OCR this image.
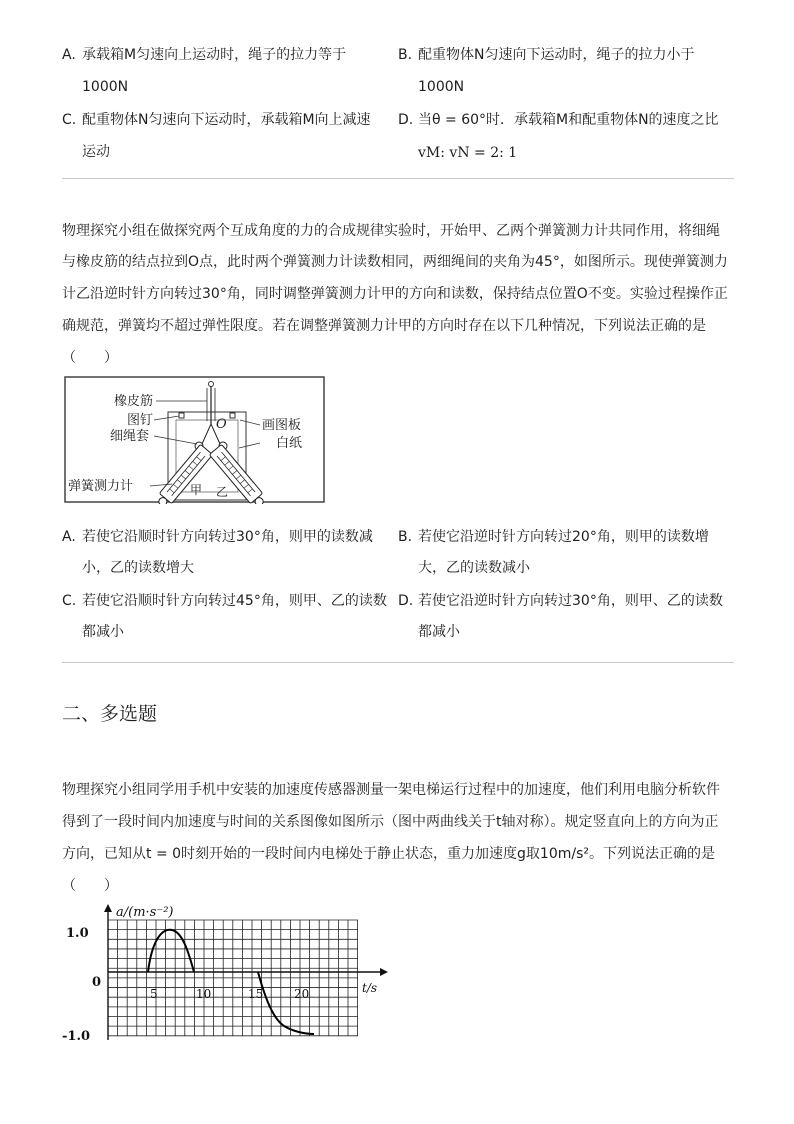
A. 承载箱M匀速向上运动时，绳子的拉力等于
1000N
B. 配重物体N匀速向下运动时，绳子的拉力小于
1000N
C. 配重物体N匀速向下运动时，承载箱M向上减速
运动
D. 当θ = 60°时．承载箱M和配重物体N的速度之比
vM: vN = 2: 1
物理探究小组在做探究两个互成角度的力的合成规律实验时，开始甲、乙两个弹簧测力计共同作用，将细绳
与橡皮筋的结点拉到O点，此时两个弹簧测力计读数相同，两细绳间的夹角为45°，如图所示。现使弹簧测力
计乙沿逆时针方向转过30°角，同时调整弹簧测力计甲的方向和读数，保持结点位置O不变。实验过程操作正
确规范，弹簧均不超过弹性限度。若在调整弹簧测力计甲的方向时存在以下几种情况，下列说法正确的是
（　　）
橡皮筋
图钉
细绳套
弹簧测力计
画图板
白纸
O
甲 乙
A. 若使它沿顺时针方向转过30°角，则甲的读数减
小，乙的读数增大
B. 若使它沿逆时针方向转过20°角，则甲的读数增
大，乙的读数减小
C. 若使它沿顺时针方向转过45°角，则甲、乙的读数
都减小
D. 若使它沿逆时针方向转过30°角，则甲、乙的读数
都减小
二、多选题
物理探究小组同学用手机中安装的加速度传感器测量一架电梯运行过程中的加速度，他们利用电脑分析软件
得到了一段时间内加速度与时间的关系图像如图所示（图中两曲线关于t轴对称）。规定竖直向上的方向为正
方向，已知从t = 0时刻开始的一段时间内电梯处于静止状态，重力加速度g取10m/s²。下列说法正确的是
（　　）
a/(m·s⁻²)
t/s
1.0
0
-1.0
5	10	15	20
